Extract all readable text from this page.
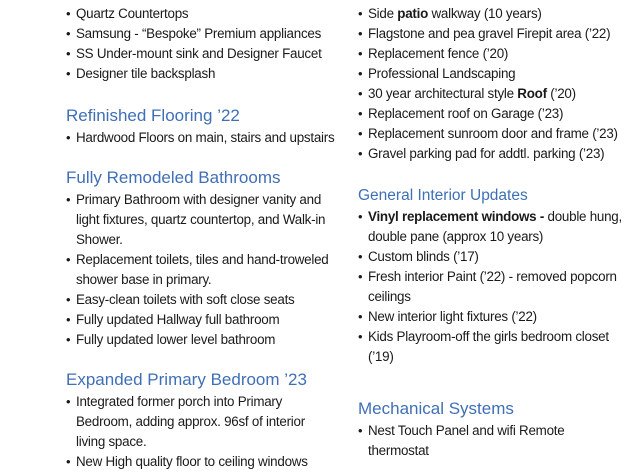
• Quartz Countertops
• Samsung - “Bespoke” Premium appliances
• SS Under-mount sink and Designer Faucet
• Designer tile backsplash
Refinished Flooring ’22
• Hardwood Floors on main, stairs and upstairs
Fully Remodeled Bathrooms
• Primary Bathroom with designer vanity and light fixtures, quartz countertop, and Walk-in Shower.
• Replacement toilets, tiles and hand-troweled shower base in primary.
• Easy-clean toilets with soft close seats
• Fully updated Hallway full bathroom
• Fully updated lower level bathroom
Expanded Primary Bedroom ’23
• Integrated former porch into Primary Bedroom, adding approx. 96sf of interior living space.
• New High quality floor to ceiling windows
• Side patio walkway (10 years)
• Flagstone and pea gravel Firepit area (’22)
• Replacement fence (’20)
• Professional Landscaping
• 30 year architectural style Roof (’20)
• Replacement roof on Garage (’23)
• Replacement sunroom door and frame (’23)
• Gravel parking pad for addtl. parking (’23)
General Interior Updates
• Vinyl replacement windows - double hung, double pane (approx 10 years)
• Custom blinds (’17)
• Fresh interior Paint (’22) - removed popcorn ceilings
• New interior light fixtures (’22)
• Kids Playroom-off the girls bedroom closet (’19)
Mechanical Systems
• Nest Touch Panel and wifi Remote thermostat
